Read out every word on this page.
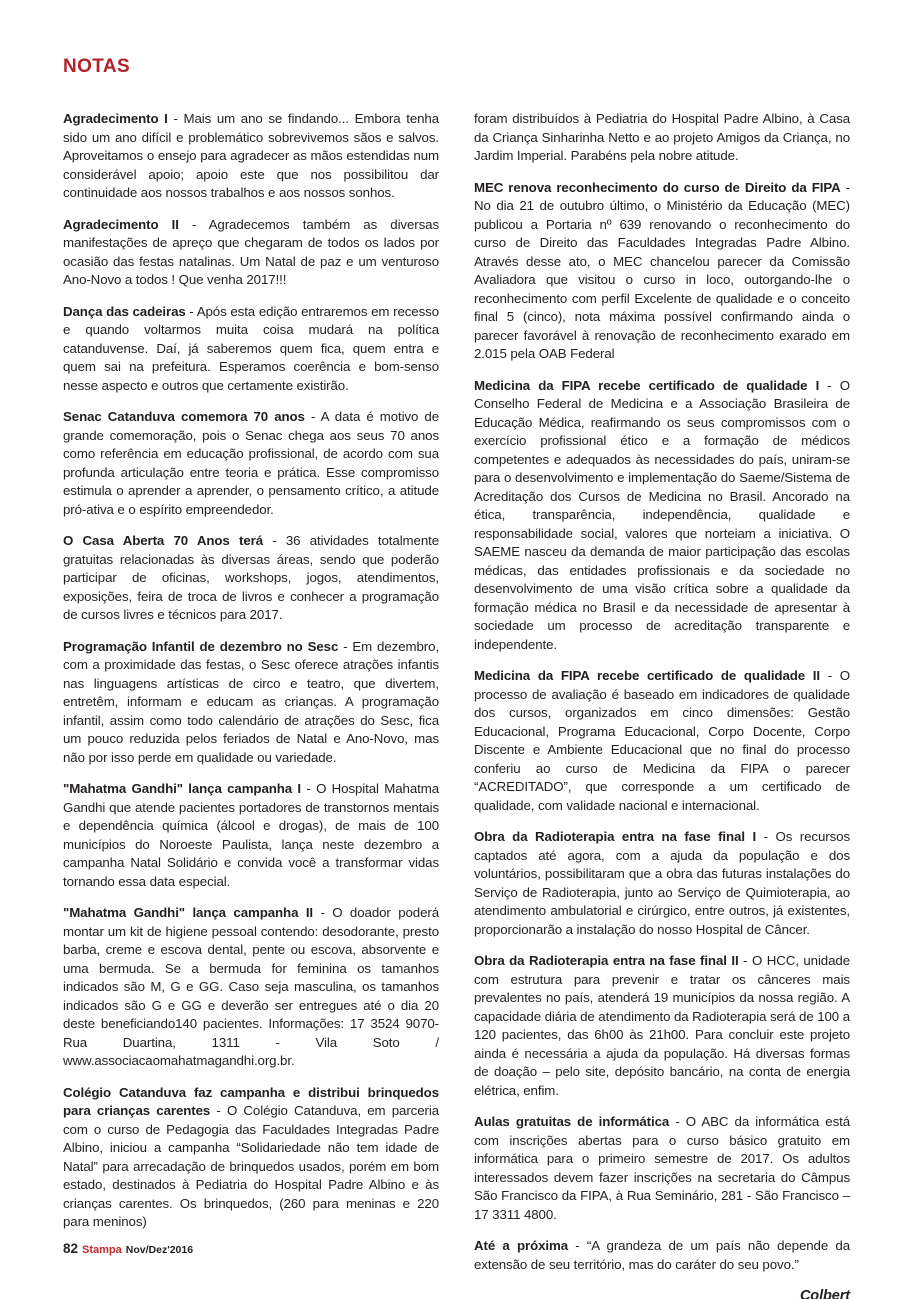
NOTAS

Agradecimento I - Mais um ano se findando... Embora tenha sido um ano difícil e problemático sobrevivemos sãos e salvos. Aproveitamos o ensejo para agradecer as mãos estendidas num considerável apoio; apoio este que nos possibilitou dar continuidade aos nossos trabalhos e aos nossos sonhos.

Agradecimento II - Agradecemos também as diversas manifestações de apreço que chegaram de todos os lados por ocasião das festas natalinas. Um Natal de paz e um venturoso Ano-Novo a todos ! Que venha 2017!!!

Dança das cadeiras - Após esta edição entraremos em recesso e quando voltarmos muita coisa mudará na política catanduvense. Daí, já saberemos quem fica, quem entra e quem sai na prefeitura. Esperamos coerência e bom-senso nesse aspecto e outros que certamente existirão.

Senac Catanduva comemora 70 anos - A data é motivo de grande comemoração, pois o Senac chega aos seus 70 anos como referência em educação profissional, de acordo com sua profunda articulação entre teoria e prática. Esse compromisso estimula o aprender a aprender, o pensamento crítico, a atitude pró-ativa e o espírito empreendedor.

O Casa Aberta 70 Anos terá - 36 atividades totalmente gratuitas relacionadas às diversas áreas, sendo que poderão participar de oficinas, workshops, jogos, atendimentos, exposições, feira de troca de livros e conhecer a programação de cursos livres e técnicos para 2017.

Programação Infantil de dezembro no Sesc - Em dezembro, com a proximidade das festas, o Sesc oferece atrações infantis nas linguagens artísticas de circo e teatro, que divertem, entretêm, informam e educam as crianças. A programação infantil, assim como todo calendário de atrações do Sesc, fica um pouco reduzida pelos feriados de Natal e Ano-Novo, mas não por isso perde em qualidade ou variedade.

"Mahatma Gandhi" lança campanha I - O Hospital Mahatma Gandhi que atende pacientes portadores de transtornos mentais e dependência química (álcool e drogas), de mais de 100 municípios do Noroeste Paulista, lança neste dezembro a campanha Natal Solidário e convida você a transformar vidas tornando essa data especial.

"Mahatma Gandhi" lança campanha II - O doador poderá montar um kit de higiene pessoal contendo: desodorante, presto barba, creme e escova dental, pente ou escova, absorvente e uma bermuda. Se a bermuda for feminina os tamanhos indicados são M, G e GG. Caso seja masculina, os tamanhos indicados são G e GG e deverão ser entregues até o dia 20 deste beneficiando140 pacientes. Informações: 17 3524 9070- Rua Duartina, 1311 - Vila Soto / www.associacaomahatmagandhi.org.br.

Colégio Catanduva faz campanha e distribui brinquedos para crianças carentes - O Colégio Catanduva, em parceria com o curso de Pedagogia das Faculdades Integradas Padre Albino, iniciou a campanha “Solidariedade não tem idade de Natal” para arrecadação de brinquedos usados, porém em bom estado, destinados à Pediatria do Hospital Padre Albino e às crianças carentes. Os brinquedos, (260 para meninas e 220 para meninos)

foram distribuídos à Pediatria do Hospital Padre Albino, à Casa da Criança Sinharinha Netto e ao projeto Amigos da Criança, no Jardim Imperial. Parabéns pela nobre atitude.

MEC renova reconhecimento do curso de Direito da FIPA - No dia 21 de outubro último, o Ministério da Educação (MEC) publicou a Portaria nº 639 renovando o reconhecimento do curso de Direito das Faculdades Integradas Padre Albino. Através desse ato, o MEC chancelou parecer da Comissão Avaliadora que visitou o curso in loco, outorgando-lhe o reconhecimento com perfil Excelente de qualidade e o conceito final 5 (cinco), nota máxima possível confirmando ainda o parecer favorável à renovação de reconhecimento exarado em 2.015 pela OAB Federal

Medicina da FIPA recebe certificado de qualidade I - O Conselho Federal de Medicina e a Associação Brasileira de Educação Médica, reafirmando os seus compromissos com o exercício profissional ético e a formação de médicos competentes e adequados às necessidades do país, uniram-se para o desenvolvimento e implementação do Saeme/Sistema de Acreditação dos Cursos de Medicina no Brasil. Ancorado na ética, transparência, independência, qualidade e responsabilidade social, valores que norteiam a iniciativa. O SAEME nasceu da demanda de maior participação das escolas médicas, das entidades profissionais e da sociedade no desenvolvimento de uma visão crítica sobre a qualidade da formação médica no Brasil e da necessidade de apresentar à sociedade um processo de acreditação transparente e independente.

Medicina da FIPA recebe certificado de qualidade II - O processo de avaliação é baseado em indicadores de qualidade dos cursos, organizados em cinco dimensões: Gestão Educacional, Programa Educacional, Corpo Docente, Corpo Discente e Ambiente Educacional que no final do processo conferiu ao curso de Medicina da FIPA o parecer “ACREDITADO”, que corresponde a um certificado de qualidade, com validade nacional e internacional.

Obra da Radioterapia entra na fase final I - Os recursos captados até agora, com a ajuda da população e dos voluntários, possibilitaram que a obra das futuras instalações do Serviço de Radioterapia, junto ao Serviço de Quimioterapia, ao atendimento ambulatorial e cirúrgico, entre outros, já existentes, proporcionarão a instalação do nosso Hospital de Câncer.

Obra da Radioterapia entra na fase final II - O HCC, unidade com estrutura para prevenir e tratar os cânceres mais prevalentes no país, atenderá 19 municípios da nossa região. A capacidade diária de atendimento da Radioterapia será de 100 a 120 pacientes, das 6h00 às 21h00. Para concluir este projeto ainda é necessária a ajuda da população. Há diversas formas de doação – pelo site, depósito bancário, na conta de energia elétrica, enfim.

Aulas gratuitas de informática - O ABC da informática está com inscrições abertas para o curso básico gratuito em informática para o primeiro semestre de 2017. Os adultos interessados devem fazer inscrições na secretaria do Câmpus São Francisco da FIPA, à Rua Seminário, 281 - São Francisco – 17 3311 4800.

Até a próxima - “A grandeza de um país não depende da extensão de seu território, mas do caráter do seu povo.”

Colbert

82 Stampa Nov/Dez'2016
